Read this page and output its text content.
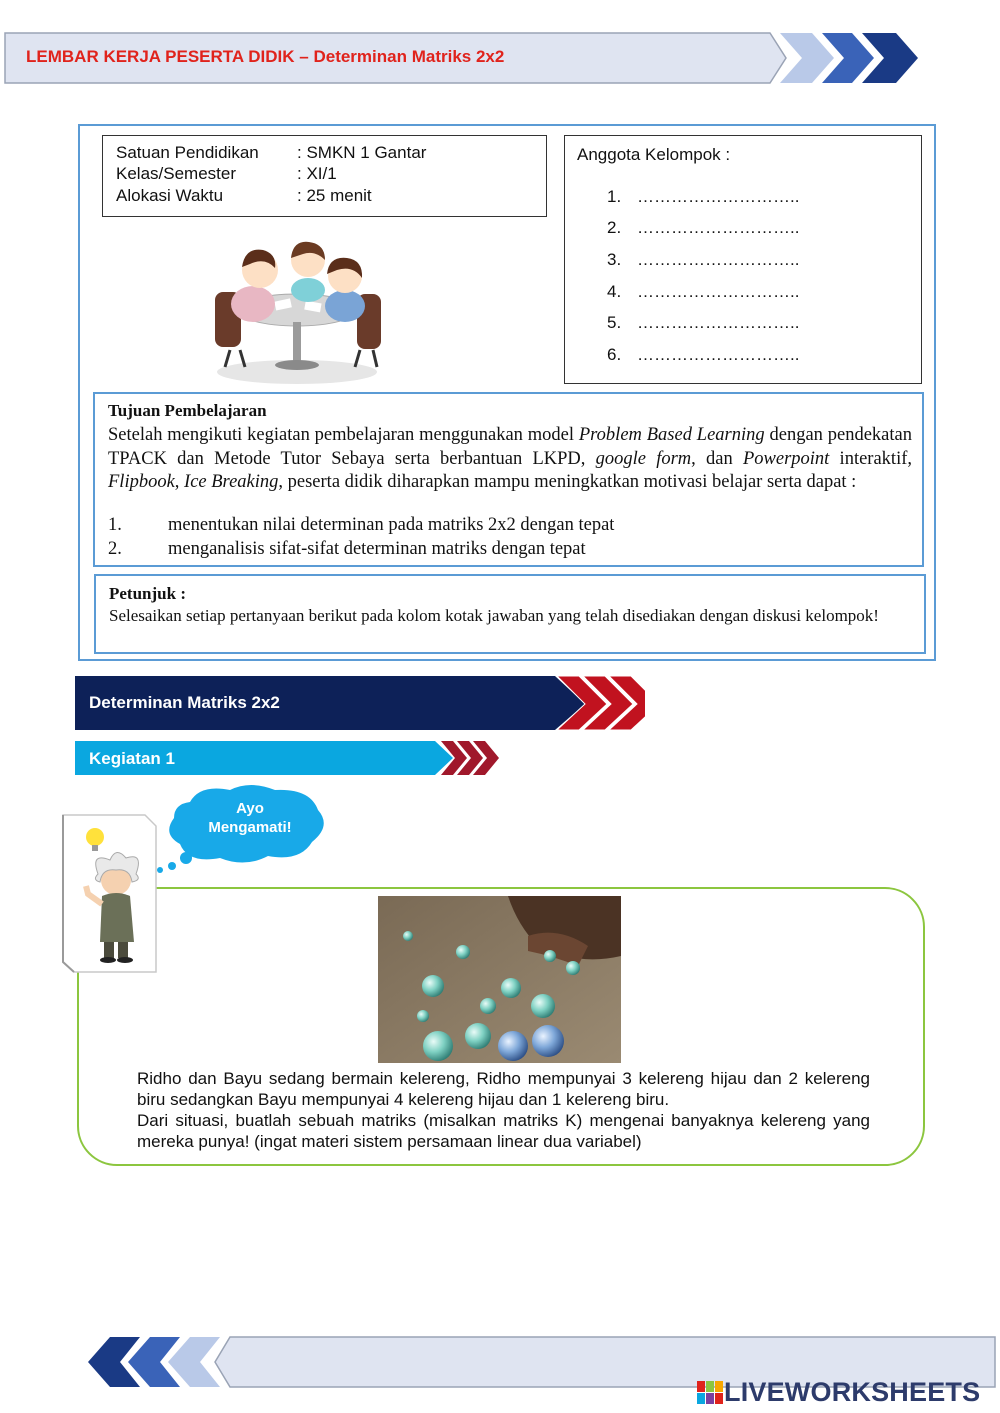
LEMBAR KERJA PESERTA DIDIK – Determinan Matriks 2x2
Satuan Pendidikan : SMKN 1 Gantar
Kelas/Semester	: XI/1
Alokasi Waktu	: 25 menit
Anggota Kelompok :
1. ………………………..
2. ………………………..
3. ………………………..
4. ………………………..
5. ………………………..
6. ………………………..
Tujuan Pembelajaran
Setelah mengikuti kegiatan pembelajaran menggunakan model Problem Based Learning dengan pendekatan TPACK dan Metode Tutor Sebaya serta berbantuan LKPD, google form, dan Powerpoint interaktif, Flipbook, Ice Breaking, peserta didik diharapkan mampu meningkatkan motivasi belajar serta dapat :
1. menentukan nilai determinan pada matriks 2x2 dengan tepat
2. menganalisis sifat-sifat determinan matriks dengan tepat
Petunjuk :
Selesaikan setiap pertanyaan berikut pada kolom kotak jawaban yang telah disediakan dengan diskusi kelompok!
Determinan Matriks 2x2
Kegiatan 1
Ayo
Mengamati!

Ridho dan Bayu sedang bermain kelereng, Ridho mempunyai 3 kelereng hijau dan 2 kelereng biru sedangkan Bayu mempunyai 4 kelereng hijau dan 1 kelereng biru.

Dari situasi, buatlah sebuah matriks (misalkan matriks K) mengenai banyaknya kelereng yang mereka punya! (ingat materi sistem persamaan linear dua variabel)

LIVEWORKSHEETS
